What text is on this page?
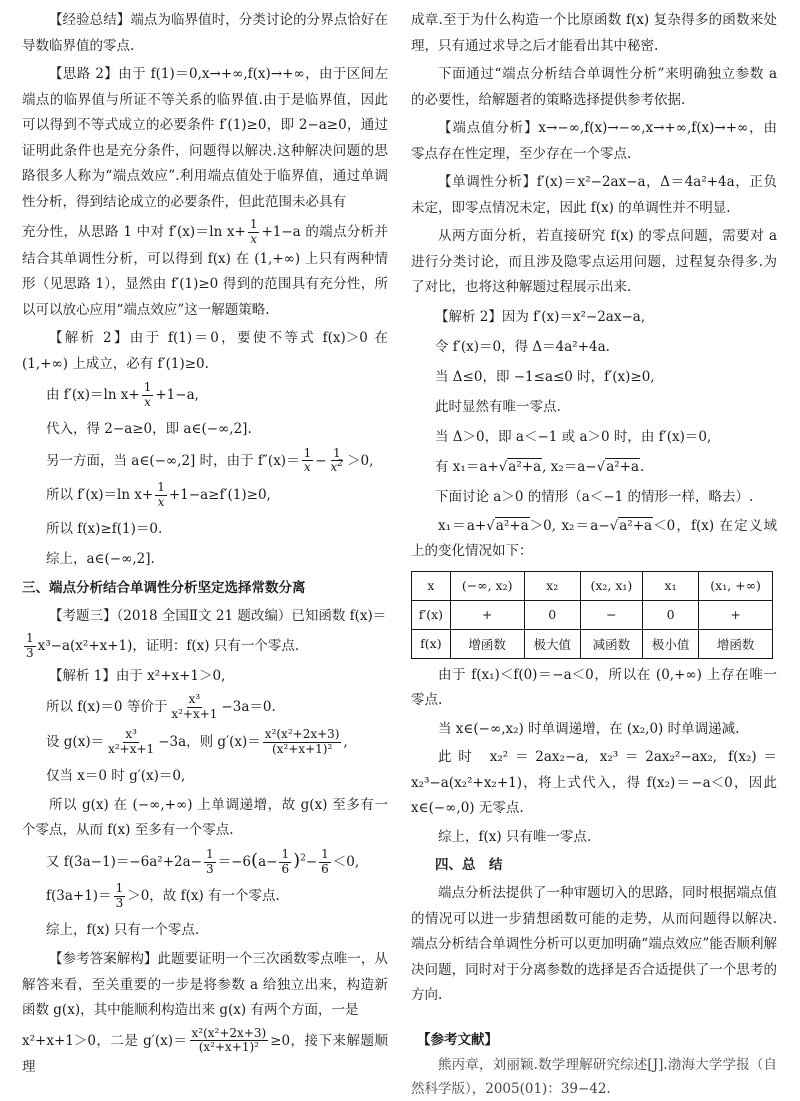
【经验总结】端点为临界值时，分类讨论的分界点恰好在导数临界值的零点.

【思路 2】由于 f(1)＝0,x→+∞,f(x)→+∞，由于区间左端点的临界值与所证不等关系的临界值.由于是临界值，因此可以得到不等式成立的必要条件 f′(1)≥0，即 2−a≥0，通过证明此条件也是充分条件，问题得以解决.这种解决问题的思路很多人称为“端点效应”.利用端点值处于临界值，通过单调性分析，得到结论成立的必要条件，但此范围未必具有

充分性，从思路 1 中对 f′(x)＝ln $x+ \frac{1}{x} +1-a$ 的端点分析并结合其单调性分析，可以得到 f(x) 在 (1,+∞) 上只有两种情形（见思路 1），显然由 f′(1)≥0 得到的范围具有充分性，所以可以放心应用“端点效应”这一解题策略.

【解析 2】由于 f(1)＝0，要使不等式 f(x)＞0 在 (1,+∞) 上成立，必有 f′(1)≥0.

由 f′(x)＝ln $x+ \frac{1}{x} +1-a$,
代入，得 2−a≥0，即 a∈(−∞,2].
另一方面，当 a∈(−∞,2] 时，由于 $f''(x)= \frac{1}{x} - \frac{1}{x^2} >0$,
所以 f′(x)＝ln $x+ \frac{1}{x} +1-a\ge f'(1)\ge 0$,
所以 f(x)≥f(1)＝0.
综上，a∈(−∞,2].
三、端点分析结合单调性分析坚定选择常数分离

【考题三】（2018 全国Ⅱ文 21 题改编）已知函数 f(x)＝

$\frac{1}{3} x^3-a(x^2+x+1)$，证明：f(x) 只有一个零点.

【解析 1】由于 x²+x+1＞0,

所以 f(x)＝0 等价于 $\frac{\text{x³}}{\text{x²+x+1}} -3a=0$.
设 $g(x)= \frac{\text{x³}}{\text{x²+x+1}} -3a$，则 $g'(x)= \frac{\text{x²(x²+2x+3)}}{\text{(x²+x+1)²}}$ ,
仅当 x＝0 时 g′(x)＝0,

所以 g(x) 在 (−∞,+∞) 上单调递增，故 g(x) 至多有一个零点，从而 f(x) 至多有一个零点.

又 $f(3a-1)=-6a^2+2a- \frac{1}{3} =-6(a- \frac{1}{6} )^2- \frac{1}{6} <0$,
$f(3a+1)= \frac{1}{3} >0$，故 f(x) 有一个零点.
综上，f(x) 只有一个零点.

【参考答案解构】此题要证明一个三次函数零点唯一，从解答来看，至关重要的一步是将参数 a 给独立出来，构造新函数 g(x)，其中能顺利构造出来 g(x) 有两个方面，一是

x²+x+1＞0，二是 $g'(x)= \frac{\text{x²(x²+2x+3)}}{\text{(x²+x+1)²}} \ge 0$，接下来解题顺理

成章.至于为什么构造一个比原函数 f(x) 复杂得多的函数来处理，只有通过求导之后才能看出其中秘密.

下面通过“端点分析结合单调性分析”来明确独立参数 a 的必要性，给解题者的策略选择提供参考依据.

【端点值分析】x→−∞,f(x)→−∞,x→+∞,f(x)→+∞，由零点存在性定理，至少存在一个零点.

【单调性分析】f′(x)＝x²−2ax−a，Δ＝4a²+4a，正负未定，即零点情况未定，因此 f(x) 的单调性并不明显.

从两方面分析，若直接研究 f(x) 的零点问题，需要对 a 进行分类讨论，而且涉及隐零点运用问题，过程复杂得多.为了对比，也将这种解题过程展示出来.

【解析 2】因为 f′(x)＝x²−2ax−a,
令 f′(x)＝0，得 Δ＝4a²+4a.
当 Δ≤0，即 −1≤a≤0 时，f′(x)≥0,
此时显然有唯一零点.
当 Δ＞0，即 a＜−1 或 a＞0 时，由 f′(x)＝0,
有 x₁＝a+√a²+a, x₂＝a−√a²+a.
下面讨论 a＞0 的情形（a＜−1 的情形一样，略去）.

x₁＝a+√a²+a＞0, x₂＝a−√a²+a＜0，f(x) 在定义域上的变化情况如下：

x	(−∞, x₂)	x₂	(x₂, x₁)	x₁	(x₁, +∞)
f′(x)	+	0	−	0	+
f(x)	增函数	极大值	减函数	极小值	增函数

由于 f(x₁)＜f(0)＝−a＜0，所以在 (0,+∞) 上存在唯一零点.

当 x∈(−∞,x₂) 时单调递增，在 (x₂,0) 时单调递减.

此时 x₂²＝2ax₂−a, x₂³＝2ax₂²−ax₂, f(x₂)＝x₂³−a(x₂²+x₂+1)，将上式代入，得 f(x₂)＝−a＜0，因此 x∈(−∞,0) 无零点.

综上，f(x) 只有唯一零点.

四、总　结

端点分析法提供了一种审题切入的思路，同时根据端点值的情况可以进一步猜想函数可能的走势，从而问题得以解决.端点分析结合单调性分析可以更加明确“端点效应”能否顺利解决问题，同时对于分离参数的选择是否合适提供了一个思考的方向.

【参考文献】

熊丙章，刘丽颖.数学理解研究综述[J].渤海大学学报（自然科学版），2005(01)：39−42.
